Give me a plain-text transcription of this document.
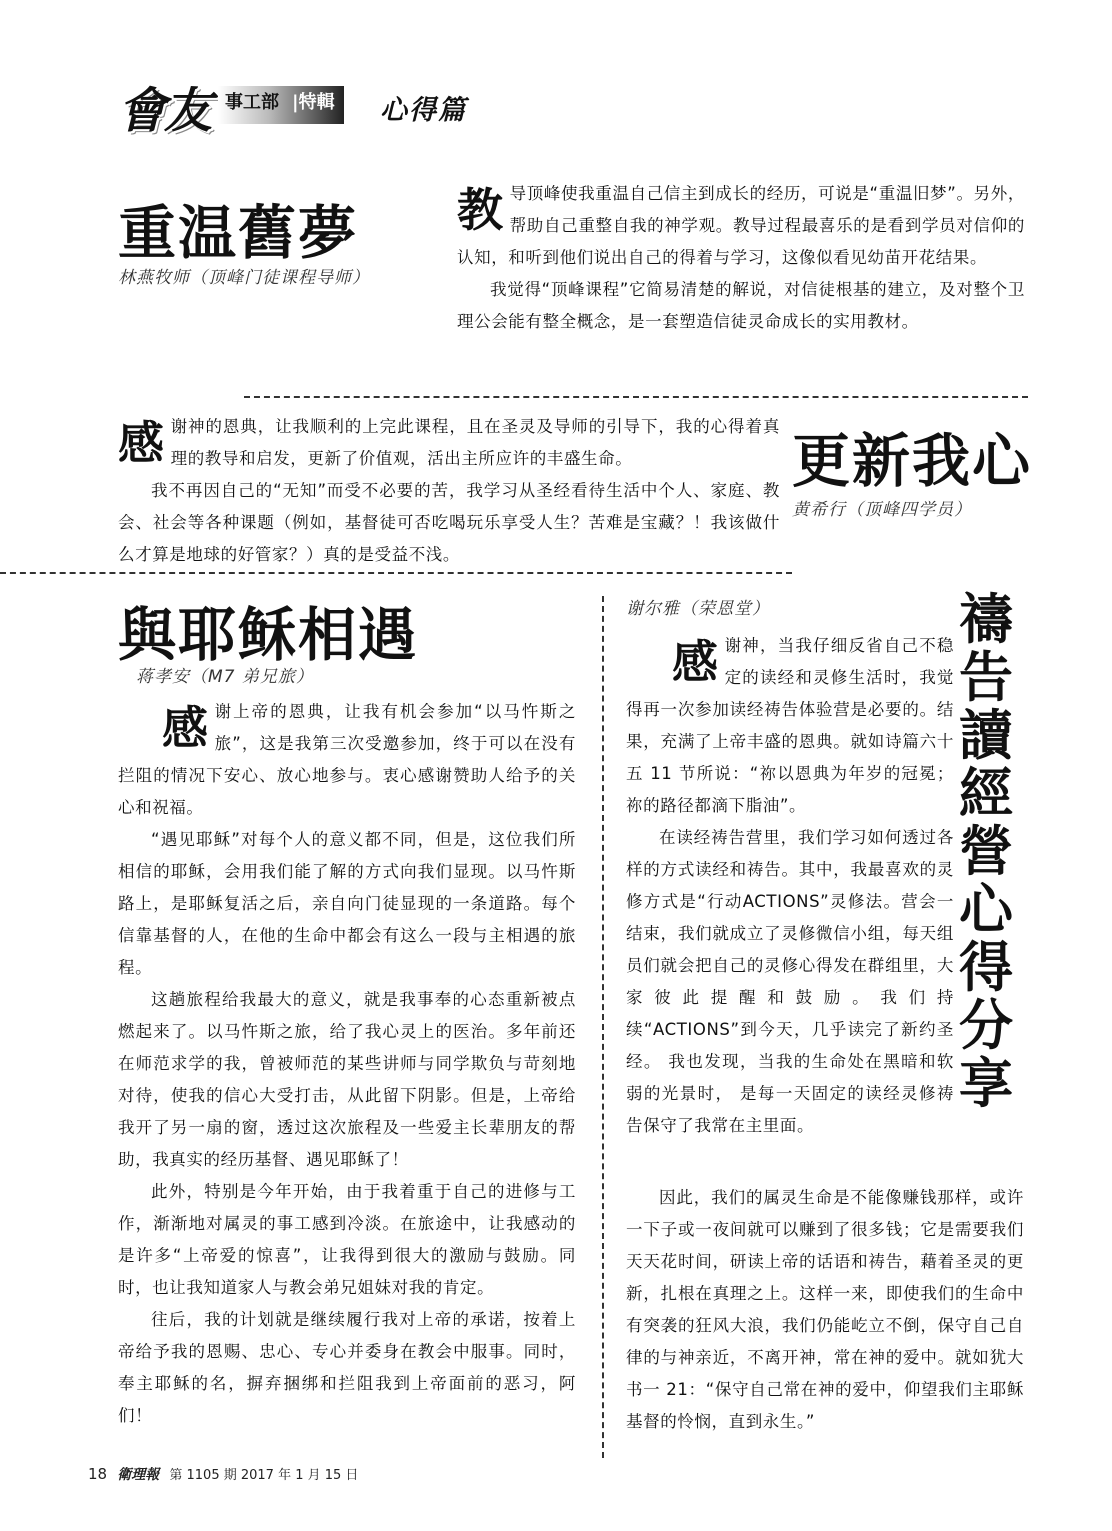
會友 事工部 |特輯 心得篇
重温舊夢
林燕牧师（顶峰门徒课程导师）
教 导顶峰使我重温自己信主到成长的经历，可说是“重温旧梦”。另外，帮助自己重整自我的神学观。教导过程最喜乐的是看到学员对信仰的认知，和听到他们说出自己的得着与学习，这像似看见幼苗开花结果。

我觉得“顶峰课程”它简易清楚的解说，对信徒根基的建立，及对整个卫理公会能有整全概念，是一套塑造信徒灵命成长的实用教材。

感 谢神的恩典，让我顺利的上完此课程，且在圣灵及导师的引导下，我的心得着真理的教导和启发，更新了价值观，活出主所应许的丰盛生命。

我不再因自己的“无知”而受不必要的苦，我学习从圣经看待生活中个人、家庭、教会、社会等各种课题（例如，基督徒可否吃喝玩乐享受人生？苦难是宝藏？！我该做什么才算是地球的好管家？）真的是受益不浅。

更新我心
黄希行（顶峰四学员）
與耶稣相遇
蒋孝安（M7 弟兄旅）
感 谢上帝的恩典，让我有机会参加“以马忤斯之旅”，这是我第三次受邀参加，终于可以在没有拦阻的情况下安心、放心地参与。衷心感谢赞助人给予的关心和祝福。

“遇见耶稣”对每个人的意义都不同，但是，这位我们所相信的耶稣，会用我们能了解的方式向我们显现。以马忤斯路上，是耶稣复活之后，亲自向门徒显现的一条道路。每个信靠基督的人，在他的生命中都会有这么一段与主相遇的旅程。

这趟旅程给我最大的意义，就是我事奉的心态重新被点燃起来了。以马忤斯之旅，给了我心灵上的医治。多年前还在师范求学的我，曾被师范的某些讲师与同学欺负与苛刻地对待，使我的信心大受打击，从此留下阴影。但是，上帝给我开了另一扇的窗，透过这次旅程及一些爱主长辈朋友的帮助，我真实的经历基督、遇见耶稣了！

此外，特别是今年开始，由于我着重于自己的进修与工作，渐渐地对属灵的事工感到冷淡。在旅途中，让我感动的是许多“上帝爱的惊喜”，让我得到很大的激励与鼓励。同时，也让我知道家人与教会弟兄姐妹对我的肯定。

往后，我的计划就是继续履行我对上帝的承诺，按着上帝给予我的恩赐、忠心、专心并委身在教会中服事。同时，奉主耶稣的名，摒弃捆绑和拦阻我到上帝面前的恶习，阿们！

谢尔雅（荣恩堂）	禱告讀經營心得分享
感 谢神，当我仔细反省自己不稳定的读经和灵修生活时，我觉得再一次参加读经祷告体验营是必要的。结果，充满了上帝丰盛的恩典。就如诗篇六十五 11 节所说：“祢以恩典为年岁的冠冕；祢的路径都滴下脂油”。

在读经祷告营里，我们学习如何透过各样的方式读经和祷告。其中，我最喜欢的灵修方式是“行动ACTIONS”灵修法。营会一结束，我们就成立了灵修微信小组，每天组员们就会把自己的灵修心得发在群组里，大家彼此提醒和鼓励。我们持续“ACTIONS”到今天，几乎读完了新约圣经。 我也发现，当我的生命处在黑暗和软弱的光景时， 是每一天固定的读经灵修祷告保守了我常在主里面。

因此，我们的属灵生命是不能像赚钱那样，或许一下子或一夜间就可以赚到了很多钱；它是需要我们天天花时间，研读上帝的话语和祷告，藉着圣灵的更新，扎根在真理之上。这样一来，即使我们的生命中有突袭的狂风大浪，我们仍能屹立不倒，保守自己自律的与神亲近，不离开神，常在神的爱中。就如犹大书一 21：“保守自己常在神的爱中，仰望我们主耶稣基督的怜悯，直到永生。”

18 衛理報 第 1105 期 2017 年 1 月 15 日
